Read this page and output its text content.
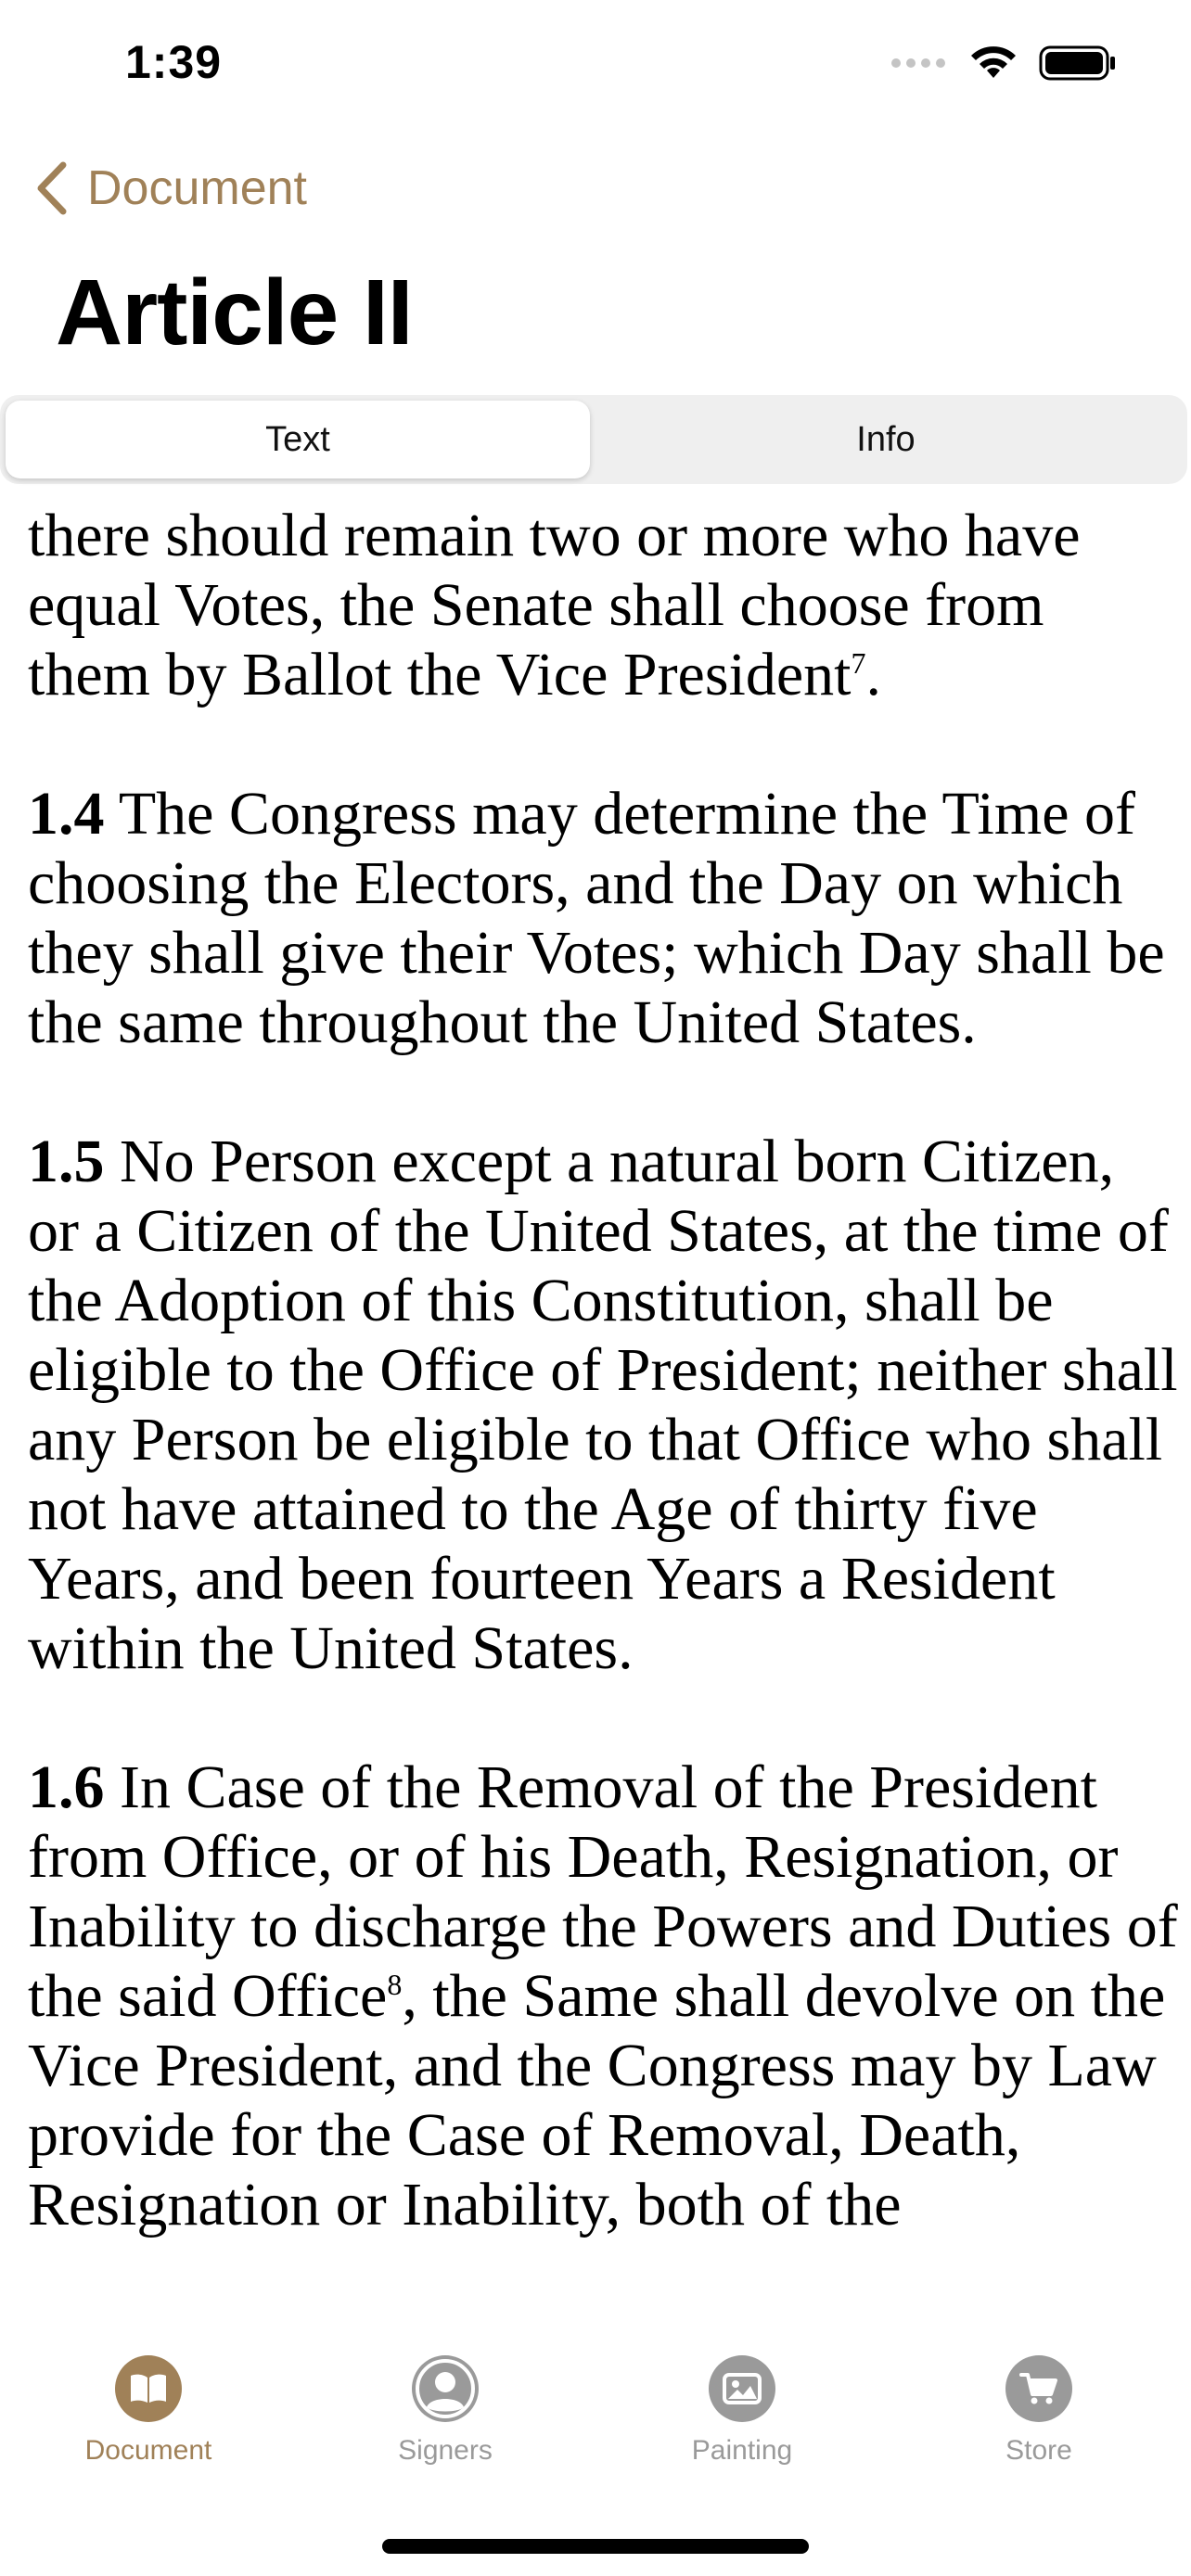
1:39
Document
Article II
Text	Info

there should remain two or more who have equal Votes, the Senate shall choose from them by Ballot the Vice President$^7$.

1.4 The Congress may determine the Time of choosing the Electors, and the Day on which they shall give their Votes; which Day shall be the same throughout the United States.

1.5 No Person except a natural born Citizen, or a Citizen of the United States, at the time of the Adoption of this Constitution, shall be eligible to the Office of President; neither shall any Person be eligible to that Office who shall not have attained to the Age of thirty five Years, and been fourteen Years a Resident within the United States.

1.6 In Case of the Removal of the President from Office, or of his Death, Resignation, or Inability to discharge the Powers and Duties of the said Office$^8$, the Same shall devolve on the Vice President, and the Congress may by Law provide for the Case of Removal, Death, Resignation or Inability, both of the

Document	Signers	Painting	Store
